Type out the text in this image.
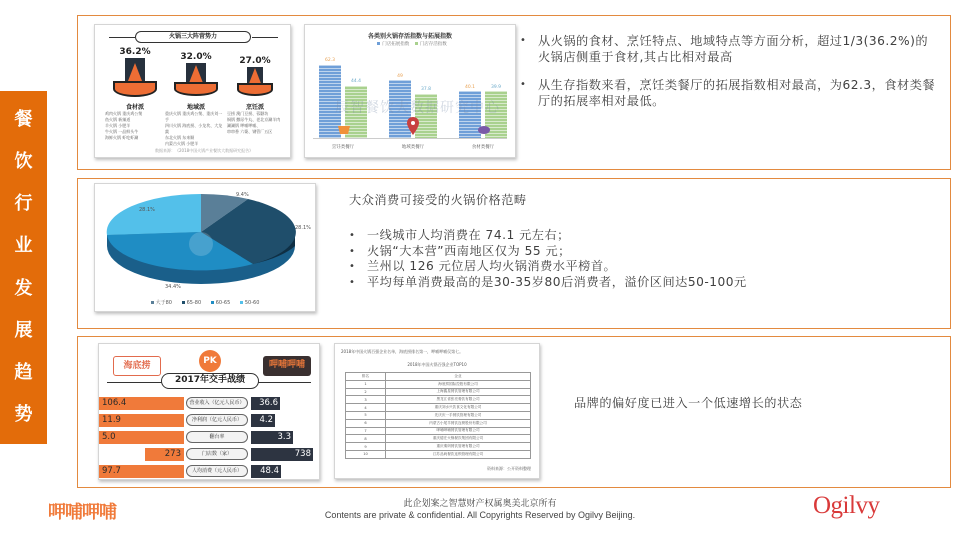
餐
饮
行
业
发
展
趋
势
火锅三大阵营势力
36.2%
食材派
32.0%
地域派
27.0%
烹饪派
鸡肉火锅 重庆鸡公煲
鱼火锅 新辣道
羊火锅 小肥羊
牛火锅 一品鲜头牛
海鲜火锅 虾吃虾涮
重庆火锅 重庆鸡公煲、重庆刘一手
四川火锅 海底捞、小龙坎、大龙燚
东北火锅 东来顺
内蒙古火锅 小肥羊
豆捞 澳门豆捞、蓉颢坊
铜锅 撒尿牛丸、老北京涮羊肉
涮涮锅 呷哺呷哺、
串串香 六婆、钢管厂五区
数据来源：《2018中国火锅产业餐饮大数据研究报告》
各类别火锅存活指数与拓展指数
门店拓展指数 门店存活指数
62.3
44.4
烹饪类餐厅
49
37.8
地域类餐厅
40.1	39.9
食材类餐厅
辰智餐饮大数据研究中心
• 从火锅的食材、烹饪特点、地域特点等方面分析，超过1/3(36.2%)的火锅店侧重于食材,其占比相对最高
• 从生存指数来看，烹饪类餐厅的拓展指数相对最高，为62.3，食材类餐厅的拓展率相对最低。
9.4%
28.1%
34.4%
28.1%
大于80	65-80	60-65	50-60
大众消费可接受的火锅价格范畴
• 一线城市人均消费在 74.1 元左右；
• 火锅“大本营”西南地区仅为 55 元；
• 兰州以 126 元位居人均火锅消费水平榜首。
• 平均每单消费最高的是30-35岁80后消费者，溢价区间达50-100元
海底捞	PK	呷哺呷哺
2017年交手战绩
106.4	营业收入（亿元人民币）	36.6
11.9	净利润（亿元人民币）	4.2
5.0	翻台率	3.3
273	门店数（家）	738
97.7	人均消费（元人民币）	48.4
2018年中国火锅百强企业名单，海底捞排名第一，呷哺呷哺仅第七。
2018年中国火锅百强企业TOP10
排名	企业
1	海底捞国际控股有限公司
2	上海鑫星餐饮管理有限公司
3	黑龙江省张亮餐饮有限公司
4	重庆刘水兴饮食文化有限公司
5	先庆庆一手餐饮管理有限公司
6	内蒙古小尾羊餐饮连锁股份有限公司
7	呷哺呷哺餐饮管理有限公司
8	重庆德庄火锅餐饮集团有限公司
9	重庆秦妈餐饮管理有限公司
10	江苏品尚餐饮连锁管理有限公司
资料来源：公开资料整理
品牌的偏好度已进入一个低速增长的状态
呷哺呷哺	此企划案之智慧财产权属奥美北京所有
Contents are private & confidential. All Copyrights Reserved by Ogilvy Beijing.	Ogilvy
